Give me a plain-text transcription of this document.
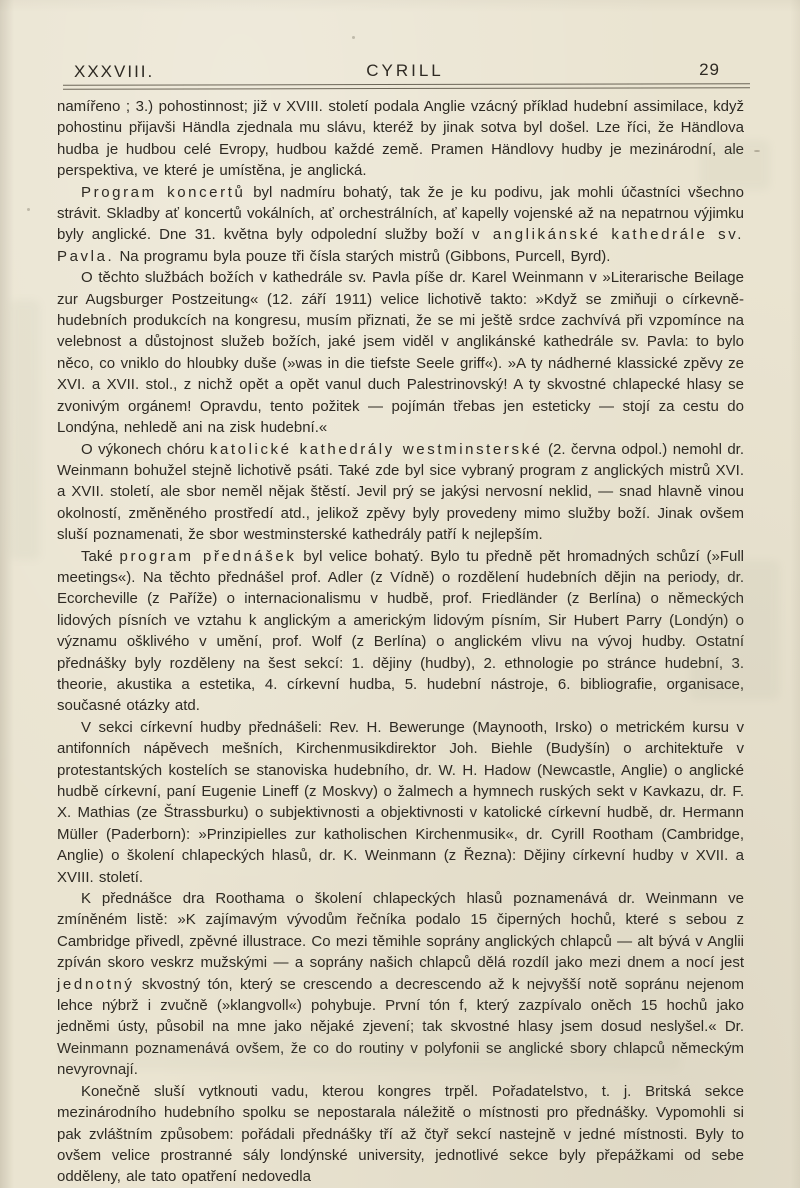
XXXVIII.	CYRILL	29

namířeno ; 3.) pohostinnost; již v XVIII. století podala Anglie vzácný příklad hudební assimilace, když pohostinu přijavši Händla zjednala mu slávu, kteréž by jinak sotva byl došel. Lze říci, že Händlova hudba je hudbou celé Evropy, hudbou každé země. Pramen Händlovy hudby je mezinárodní, ale perspektiva, ve které je umístěna, je anglická.

Program koncertů byl nadmíru bohatý, tak že je ku podivu, jak mohli účastníci všechno strávit. Skladby ať koncertů vokálních, ať orchestrálních, ať kapelly vojenské až na nepatrnou výjimku byly anglické. Dne 31. května byly odpolední služby boží v anglikánské kathedrále sv. Pavla. Na programu byla pouze tři čísla starých mistrů (Gibbons, Purcell, Byrd).

O těchto službách božích v kathedrále sv. Pavla píše dr. Karel Weinmann v »Literarische Beilage zur Augsburger Postzeitung« (12. září 1911) velice lichotivě takto: »Když se zmiňuji o církevně-hudebních produkcích na kongresu, musím přiznati, že se mi ještě srdce zachvívá při vzpomínce na velebnost a důstojnost služeb božích, jaké jsem viděl v anglikánské kathedrále sv. Pavla: to bylo něco, co vniklo do hloubky duše (»was in die tiefste Seele griff«). »A ty nádherné klassické zpěvy ze XVI. a XVII. stol., z nichž opět a opět vanul duch Palestrinovský! A ty skvostné chlapecké hlasy se zvonivým orgánem! Opravdu, tento požitek — pojímán třebas jen esteticky — stojí za cestu do Londýna, nehledě ani na zisk hudební.«

O výkonech chóru katolické kathedrály westminsterské (2. června odpol.) nemohl dr. Weinmann bohužel stejně lichotivě psáti. Také zde byl sice vybraný program z anglických mistrů XVI. a XVII. století, ale sbor neměl nějak štěstí. Jevil prý se jakýsi nervosní neklid, — snad hlavně vinou okolností, změněného prostředí atd., jelikož zpěvy byly provedeny mimo služby boží. Jinak ovšem sluší poznamenati, že sbor westminsterské kathedrály patří k nejlepším.

Také program přednášek byl velice bohatý. Bylo tu předně pět hromadných schůzí (»Full meetings«). Na těchto přednášel prof. Adler (z Vídně) o rozdělení hudebních dějin na periody, dr. Ecorcheville (z Paříže) o internacionalismu v hudbě, prof. Friedländer (z Berlína) o německých lidových písních ve vztahu k anglickým a americkým lidovým písním, Sir Hubert Parry (Londýn) o významu ošklivého v umění, prof. Wolf (z Berlína) o anglickém vlivu na vývoj hudby. Ostatní přednášky byly rozděleny na šest sekcí: 1. dějiny (hudby), 2. ethnologie po stránce hudební, 3. theorie, akustika a estetika, 4. církevní hudba, 5. hudební nástroje, 6. bibliografie, organisace, současné otázky atd.

V sekci církevní hudby přednášeli: Rev. H. Bewerunge (Maynooth, Irsko) o metrickém kursu v antifonních nápěvech mešních, Kirchenmusikdirektor Joh. Biehle (Budyšín) o architektuře v protestantských kostelích se stanoviska hudebního, dr. W. H. Hadow (Newcastle, Anglie) o anglické hudbě církevní, paní Eugenie Lineff (z Moskvy) o žalmech a hymnech ruských sekt v Kavkazu, dr. F. X. Mathias (ze Štrassburku) o subjektivnosti a objektivnosti v katolické církevní hudbě, dr. Hermann Müller (Paderborn): »Prinzipielles zur katholischen Kirchenmusik«, dr. Cyrill Rootham (Cambridge, Anglie) o školení chlapeckých hlasů, dr. K. Weinmann (z Řezna): Dějiny církevní hudby v XVII. a XVIII. století.

K přednášce dra Roothama o školení chlapeckých hlasů poznamenává dr. Weinmann ve zmíněném listě: »K zajímavým vývodům řečníka podalo 15 čiperných hochů, které s sebou z Cambridge přivedl, zpěvné illustrace. Co mezi těmihle soprány anglických chlapců — alt bývá v Anglii zpíván skoro veskrz mužskými — a soprány našich chlapců dělá rozdíl jako mezi dnem a nocí jest jednotný skvostný tón, který se crescendo a decrescendo až k nejvyšší notě sopránu nejenom lehce nýbrž i zvučně (»klangvoll«) pohybuje. První tón f, který zazpívalo oněch 15 hochů jako jedněmi ústy, působil na mne jako nějaké zjevení; tak skvostné hlasy jsem dosud neslyšel.« Dr. Weinmann poznamenává ovšem, že co do routiny v polyfonii se anglické sbory chlapců německým nevyrovnají.

Konečně sluší vytknouti vadu, kterou kongres trpěl. Pořadatelstvo, t. j. Britská sekce mezinárodního hudebního spolku se nepostarala náležitě o místnosti pro přednášky. Vypomohli si pak zvláštním způsobem: pořádali přednášky tří až čtyř sekcí nastejně v jedné místnosti. Byly to ovšem velice prostranné sály londýnské university, jednotlivé sekce byly přepážkami od sebe odděleny, ale tato opatření nedovedla
